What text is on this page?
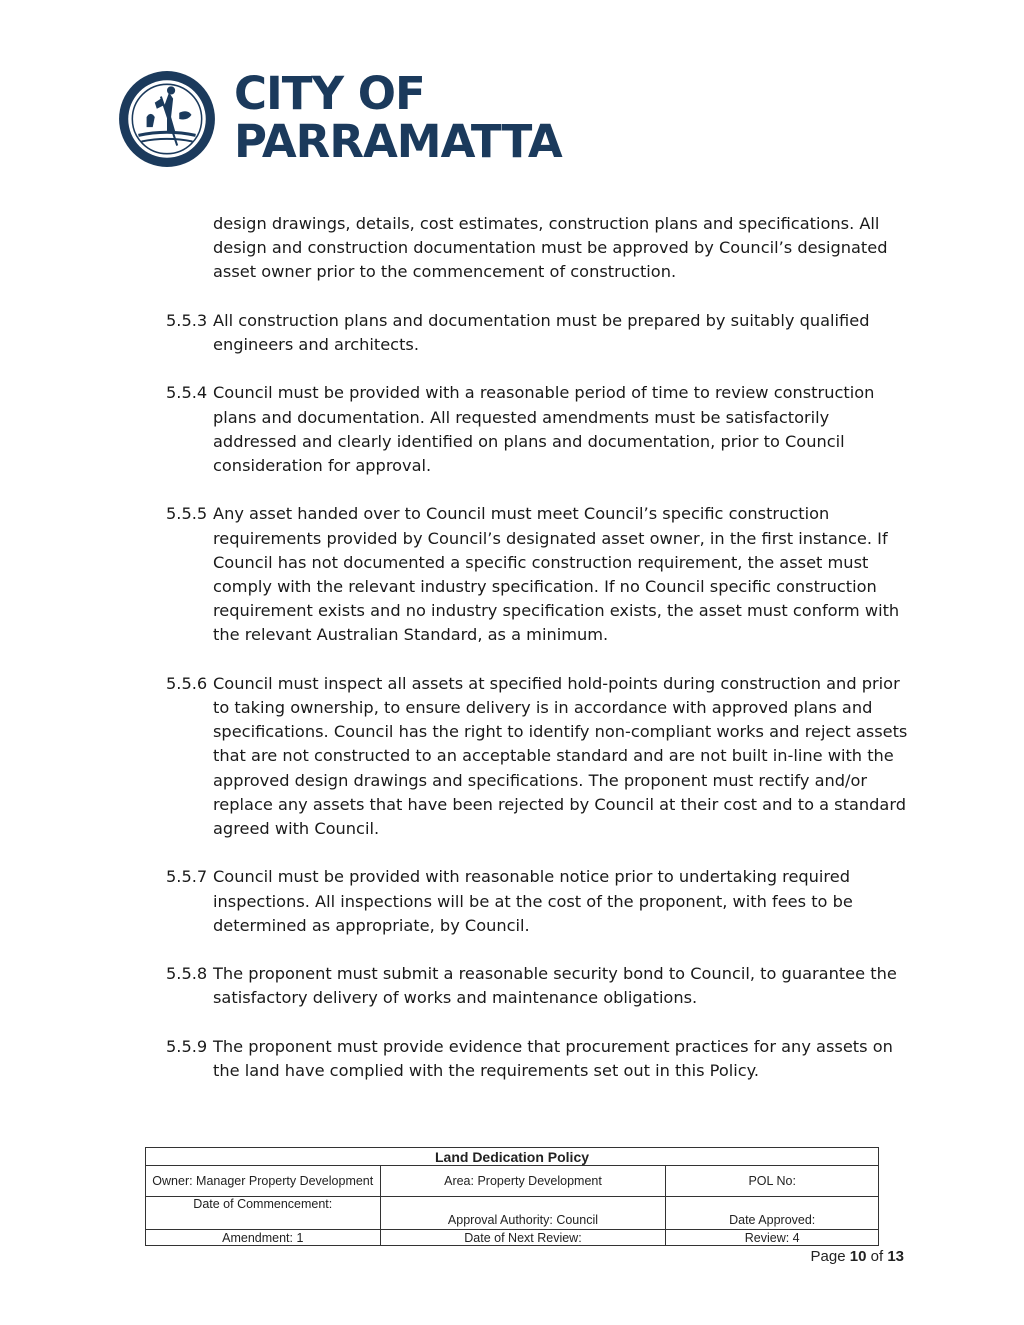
CITY OF
PARRAMATTA

design drawings, details, cost estimates, construction plans and specifications. All design and construction documentation must be approved by Council’s designated asset owner prior to the commencement of construction.

5.5.3 All construction plans and documentation must be prepared by suitably qualified engineers and architects.
5.5.4 Council must be provided with a reasonable period of time to review construction plans and documentation. All requested amendments must be satisfactorily addressed and clearly identified on plans and documentation, prior to Council consideration for approval.
5.5.5 Any asset handed over to Council must meet Council’s specific construction requirements provided by Council’s designated asset owner, in the first instance. If Council has not documented a specific construction requirement, the asset must comply with the relevant industry specification. If no Council specific construction requirement exists and no industry specification exists, the asset must conform with the relevant Australian Standard, as a minimum.
5.5.6 Council must inspect all assets at specified hold-points during construction and prior to taking ownership, to ensure delivery is in accordance with approved plans and specifications. Council has the right to identify non-compliant works and reject assets that are not constructed to an acceptable standard and are not built in-line with the approved design drawings and specifications. The proponent must rectify and/or replace any assets that have been rejected by Council at their cost and to a standard agreed with Council.
5.5.7 Council must be provided with reasonable notice prior to undertaking required inspections. All inspections will be at the cost of the proponent, with fees to be determined as appropriate, by Council.
5.5.8 The proponent must submit a reasonable security bond to Council, to guarantee the satisfactory delivery of works and maintenance obligations.
5.5.9 The proponent must provide evidence that procurement practices for any assets on the land have complied with the requirements set out in this Policy.
Land Dedication Policy		
Owner: Manager Property Development	Area: Property Development	POL No:
Date of Commencement:	Approval Authority: Council	Date Approved:
Amendment: 1	Date of Next Review:	Review: 4
Page 10 of 13
